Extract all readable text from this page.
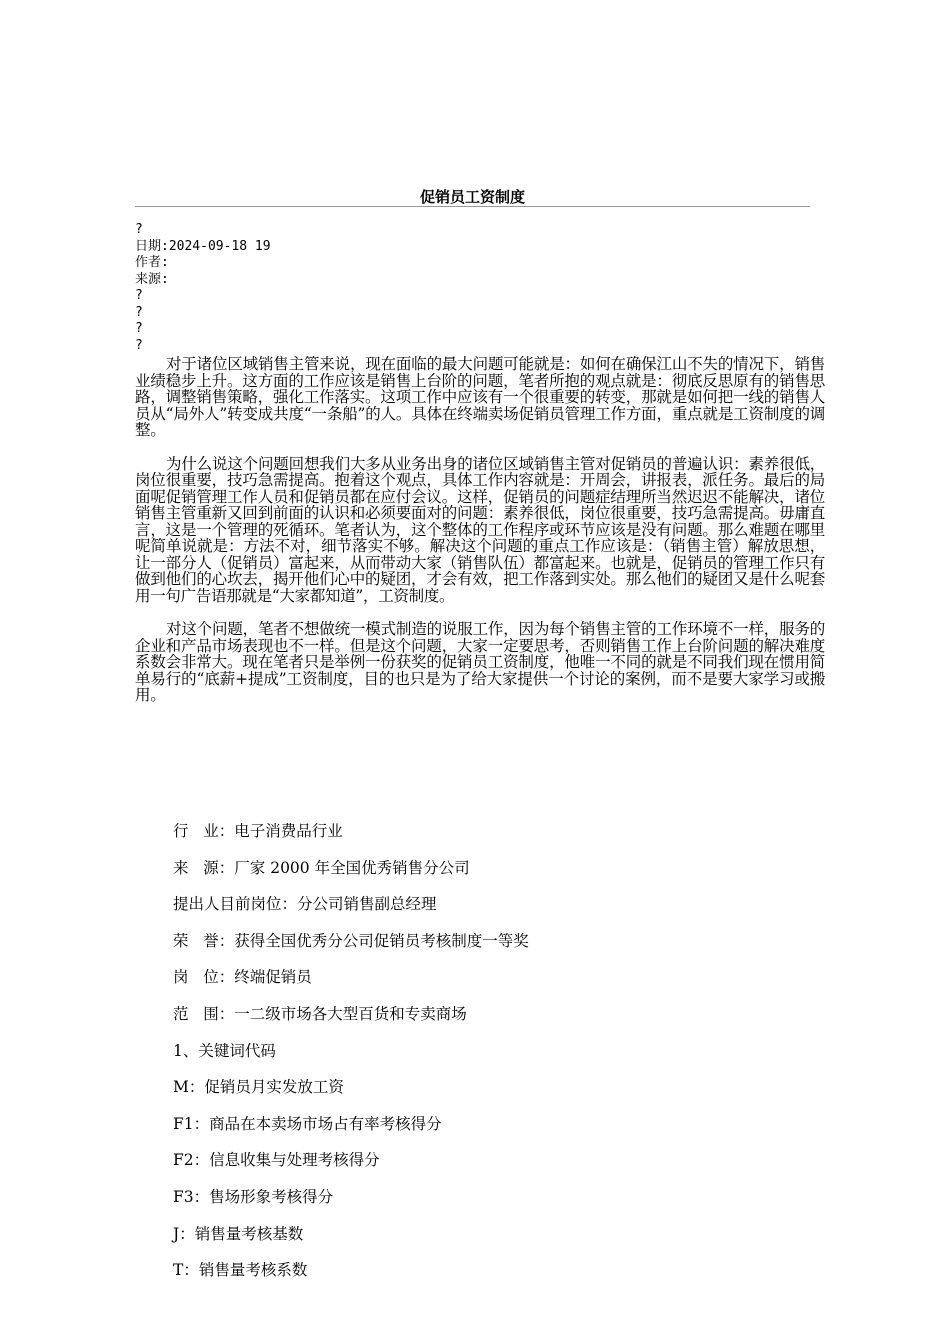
促销员工资制度
?
日期:2024-09-18 19
作者:
来源:
?
?
?
?

对于诸位区域销售主管来说，现在面临的最大问题可能就是：如何在确保江山不失的情况下，销售业绩稳步上升。这方面的工作应该是销售上台阶的问题，笔者所抱的观点就是：彻底反思原有的销售思路，调整销售策略，强化工作落实。这项工作中应该有一个很重要的转变，那就是如何把一线的销售人员从“局外人”转变成共度“一条船”的人。具体在终端卖场促销员管理工作方面，重点就是工资制度的调整。

为什么说这个问题回想我们大多从业务出身的诸位区域销售主管对促销员的普遍认识：素养很低，岗位很重要，技巧急需提高。抱着这个观点，具体工作内容就是：开周会，讲报表，派任务。最后的局面呢促销管理工作人员和促销员都在应付会议。这样，促销员的问题症结理所当然迟迟不能解决，诸位销售主管重新又回到前面的认识和必须要面对的问题：素养很低，岗位很重要，技巧急需提高。毋庸直言，这是一个管理的死循环。笔者认为，这个整体的工作程序或环节应该是没有问题。那么难题在哪里呢简单说就是：方法不对，细节落实不够。解决这个问题的重点工作应该是：（销售主管）解放思想，让一部分人（促销员）富起来，从而带动大家（销售队伍）都富起来。也就是，促销员的管理工作只有做到他们的心坎去，揭开他们心中的疑团，才会有效，把工作落到实处。那么他们的疑团又是什么呢套用一句广告语那就是“大家都知道”，工资制度。

对这个问题，笔者不想做统一模式制造的说服工作，因为每个销售主管的工作环境不一样，服务的企业和产品市场表现也不一样。但是这个问题，大家一定要思考，否则销售工作上台阶问题的解决难度系数会非常大。现在笔者只是举例一份获奖的促销员工资制度，他唯一不同的就是不同我们现在惯用简单易行的“底薪+提成”工资制度，目的也只是为了给大家提供一个讨论的案例，而不是要大家学习或搬用。

行   业：电子消费品行业
来   源：厂家 2000 年全国优秀销售分公司
提出人目前岗位：分公司销售副总经理
荣   誉：获得全国优秀分公司促销员考核制度一等奖
岗   位：终端促销员
范   围：一二级市场各大型百货和专卖商场
1、关键词代码
M：促销员月实发放工资
F1：商品在本卖场市场占有率考核得分
F2：信息收集与处理考核得分
F3：售场形象考核得分
J：销售量考核基数
T：销售量考核系数
